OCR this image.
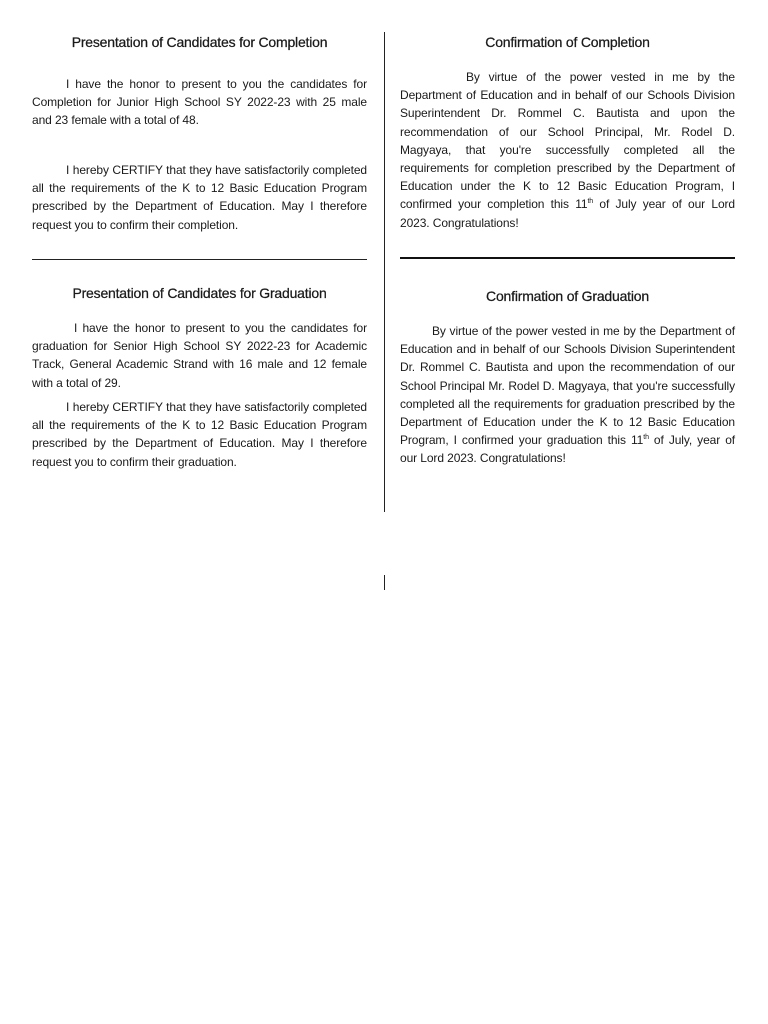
Presentation of Candidates for Completion

I have the honor to present to you the candidates for Completion for Junior High School SY 2022-23 with 25 male and 23 female with a total of 48.

I hereby CERTIFY that they have satisfactorily completed all the requirements of the K to 12 Basic Education Program prescribed by the Department of Education. May I therefore request you to confirm their completion.

Confirmation of Completion

By virtue of the power vested in me by the Department of Education and in behalf of our Schools Division Superintendent Dr. Rommel C. Bautista and upon the recommendation of our School Principal, Mr. Rodel D. Magyaya, that you're successfully completed all the requirements for completion prescribed by the Department of Education under the K to 12 Basic Education Program, I confirmed your completion this 11th of July year of our Lord 2023. Congratulations!

Presentation of Candidates for Graduation

I have the honor to present to you the candidates for graduation for Senior High School SY 2022-23 for Academic Track, General Academic Strand with 16 male and 12 female with a total of 29.

I hereby CERTIFY that they have satisfactorily completed all the requirements of the K to 12 Basic Education Program prescribed by the Department of Education. May I therefore request you to confirm their graduation.

Confirmation of Graduation

By virtue of the power vested in me by the Department of Education and in behalf of our Schools Division Superintendent Dr. Rommel C. Bautista and upon the recommendation of our School Principal Mr. Rodel D. Magyaya, that you're successfully completed all the requirements for graduation prescribed by the Department of Education under the K to 12 Basic Education Program, I confirmed your graduation this 11th of July, year of our Lord 2023. Congratulations!
